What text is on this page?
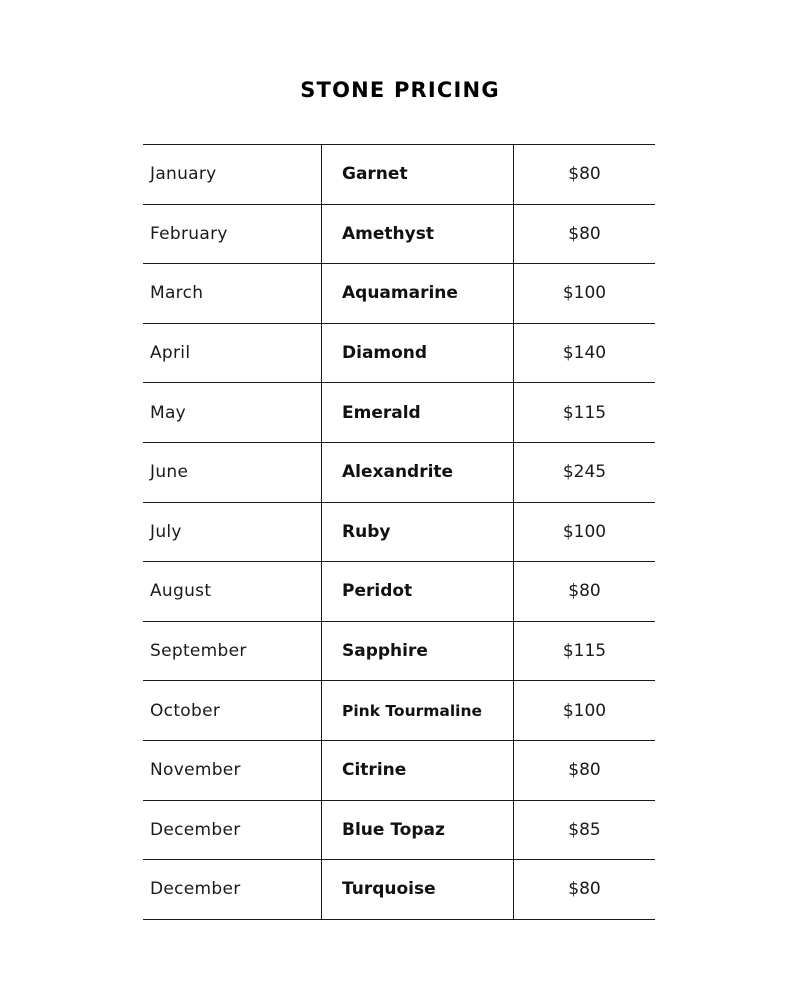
STONE PRICING
January	Garnet	$80
February	Amethyst	$80
March	Aquamarine	$100
April	Diamond	$140
May	Emerald	$115
June	Alexandrite	$245
July	Ruby	$100
August	Peridot	$80
September	Sapphire	$115
October	Pink Tourmaline	$100
November	Citrine	$80
December	Blue Topaz	$85
December	Turquoise	$80
